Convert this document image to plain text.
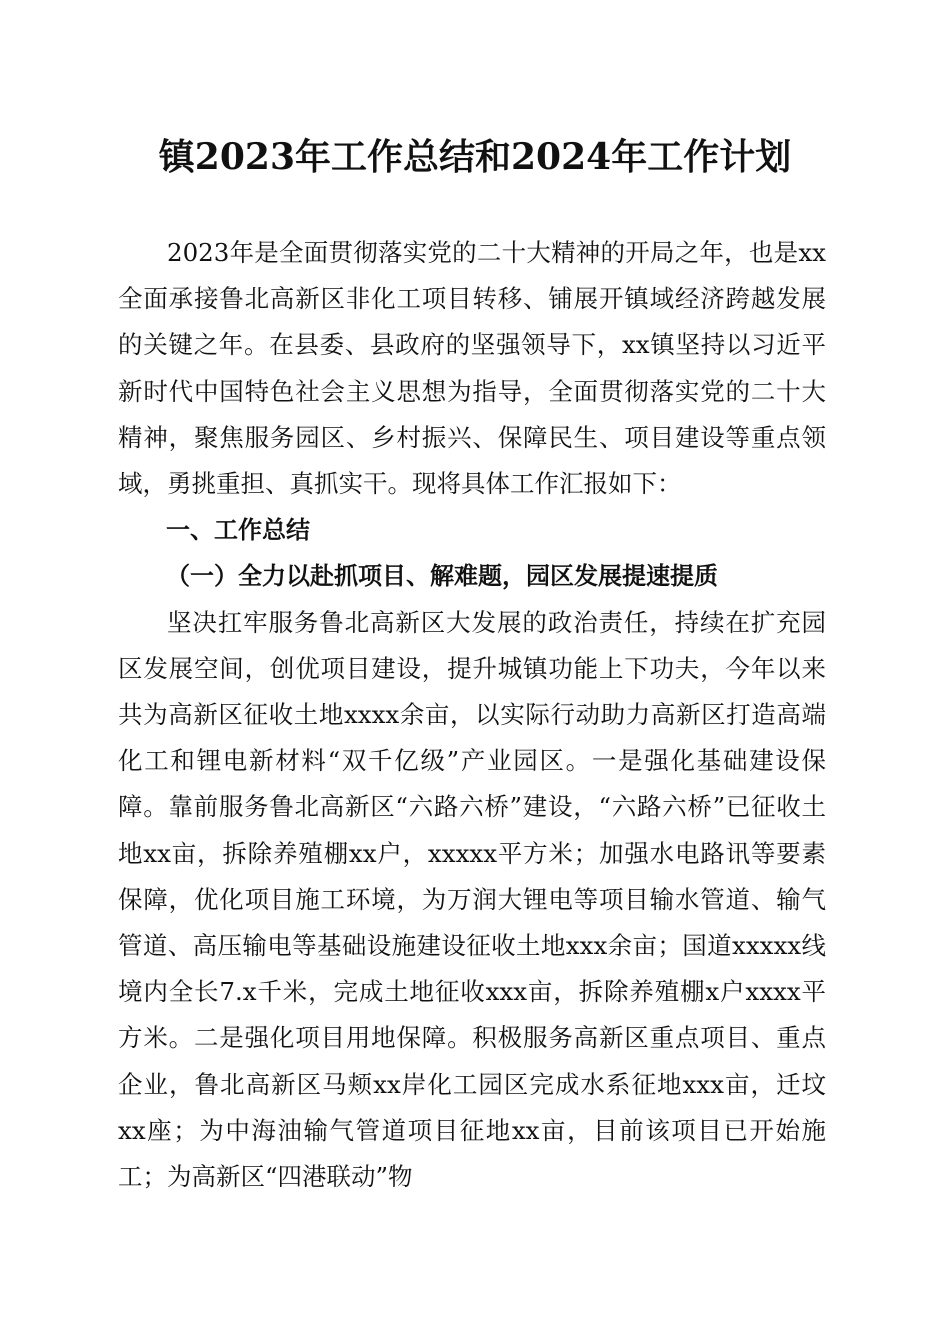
镇2023年工作总结和2024年工作计划

2023年是全面贯彻落实党的二十大精神的开局之年，也是xx全面承接鲁北高新区非化工项目转移、铺展开镇域经济跨越发展的关键之年。在县委、县政府的坚强领导下，xx镇坚持以习近平新时代中国特色社会主义思想为指导，全面贯彻落实党的二十大精神，聚焦服务园区、乡村振兴、保障民生、项目建设等重点领域，勇挑重担、真抓实干。现将具体工作汇报如下：

一、工作总结

（一）全力以赴抓项目、解难题，园区发展提速提质

坚决扛牢服务鲁北高新区大发展的政治责任，持续在扩充园区发展空间，创优项目建设，提升城镇功能上下功夫，今年以来共为高新区征收土地xxxx余亩，以实际行动助力高新区打造高端化工和锂电新材料“双千亿级”产业园区。一是强化基础建设保障。靠前服务鲁北高新区“六路六桥”建设，“六路六桥”已征收土地xx亩，拆除养殖棚xx户，xxxxx平方米；加强水电路讯等要素保障，优化项目施工环境，为万润大锂电等项目输水管道、输气管道、高压输电等基础设施建设征收土地xxx余亩；国道xxxxx线境内全长7.x千米，完成土地征收xxx亩，拆除养殖棚x户xxxx平方米。二是强化项目用地保障。积极服务高新区重点项目、重点企业，鲁北高新区马颊xx岸化工园区完成水系征地xxx亩，迁坟xx座；为中海油输气管道项目征地xx亩，目前该项目已开始施工；为高新区“四港联动”物
